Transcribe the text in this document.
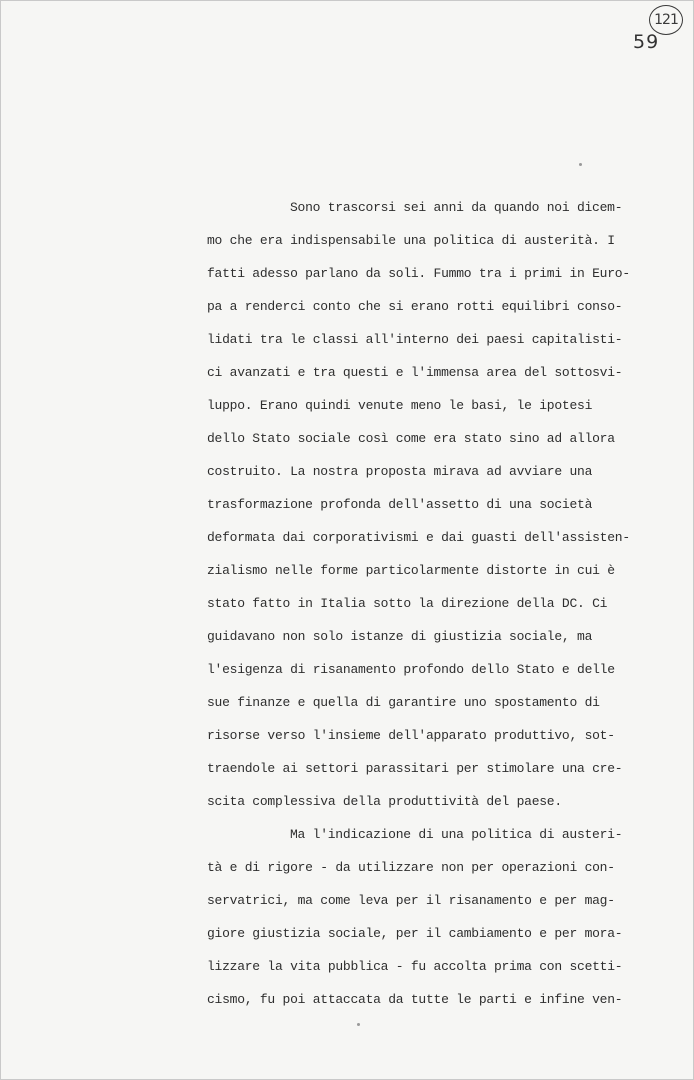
121
59
Sono trascorsi sei anni da quando noi dicem-
mo che era indispensabile una politica di austerità. I
fatti adesso parlano da soli. Fummo tra i primi in Euro-
pa a renderci conto che si erano rotti equilibri conso-
lidati tra le classi all'interno dei paesi capitalisti-
ci avanzati e tra questi e l'immensa area del sottosvi-
luppo. Erano quindi venute meno le basi, le ipotesi
dello Stato sociale così come era stato sino ad allora
costruito. La nostra proposta mirava ad avviare una
trasformazione profonda dell'assetto di una società
deformata dai corporativismi e dai guasti dell'assisten-
zialismo nelle forme particolarmente distorte in cui è
stato fatto in Italia sotto la direzione della DC. Ci
guidavano non solo istanze di giustizia sociale, ma
l'esigenza di risanamento profondo dello Stato e delle
sue finanze e quella di garantire uno spostamento di
risorse verso l'insieme dell'apparato produttivo, sot-
traendole ai settori parassitari per stimolare una cre-
scita complessiva della produttività del paese.
Ma l'indicazione di una politica di austeri-
tà e di rigore - da utilizzare non per operazioni con-
servatrici, ma come leva per il risanamento e per mag-
giore giustizia sociale, per il cambiamento e per mora-
lizzare la vita pubblica - fu accolta prima con scetti-
cismo, fu poi attaccata da tutte le parti e infine ven-
